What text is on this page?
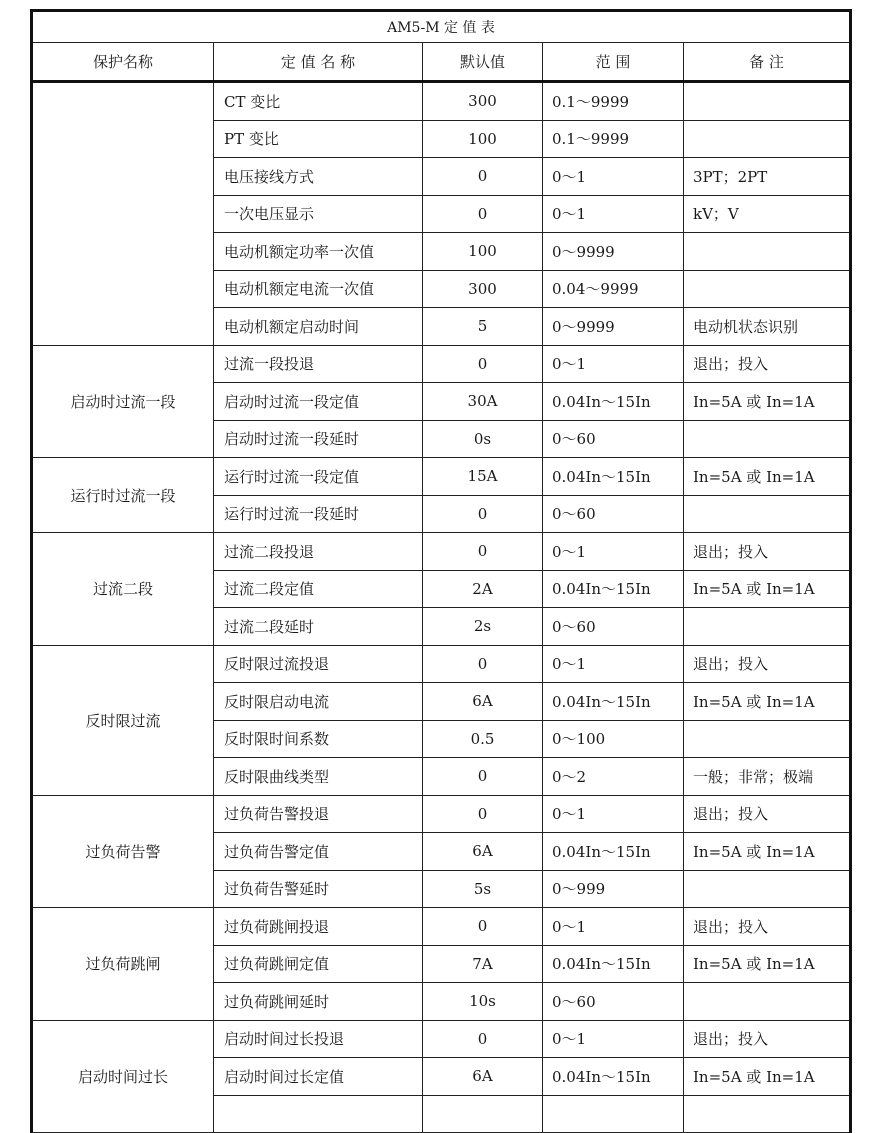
AM5-M 定 值 表				
保护名称	定 值 名 称	默认值	范 围	备 注
	CT 变比	300	0.1～9999	
	PT 变比	100	0.1～9999	
	电压接线方式	0	0～1	3PT；2PT
	一次电压显示	0	0～1	kV；V
	电动机额定功率一次值	100	0～9999	
	电动机额定电流一次值	300	0.04～9999	
	电动机额定启动时间	5	0～9999	电动机状态识别
启动时过流一段	过流一段投退	0	0～1	退出；投入
	启动时过流一段定值	30A	0.04In～15In	In=5A 或 In=1A
	启动时过流一段延时	0s	0～60	
运行时过流一段	运行时过流一段定值	15A	0.04In～15In	In=5A 或 In=1A
	运行时过流一段延时	0	0～60	
过流二段	过流二段投退	0	0～1	退出；投入
	过流二段定值	2A	0.04In～15In	In=5A 或 In=1A
	过流二段延时	2s	0～60	
反时限过流	反时限过流投退	0	0～1	退出；投入
	反时限启动电流	6A	0.04In～15In	In=5A 或 In=1A
	反时限时间系数	0.5	0～100	
	反时限曲线类型	0	0～2	一般；非常；极端
过负荷告警	过负荷告警投退	0	0～1	退出；投入
	过负荷告警定值	6A	0.04In～15In	In=5A 或 In=1A
	过负荷告警延时	5s	0～999	
过负荷跳闸	过负荷跳闸投退	0	0～1	退出；投入
	过负荷跳闸定值	7A	0.04In～15In	In=5A 或 In=1A
	过负荷跳闸延时	10s	0～60	
启动时间过长	启动时间过长投退	0	0～1	退出；投入
	启动时间过长定值	6A	0.04In～15In	In=5A 或 In=1A
